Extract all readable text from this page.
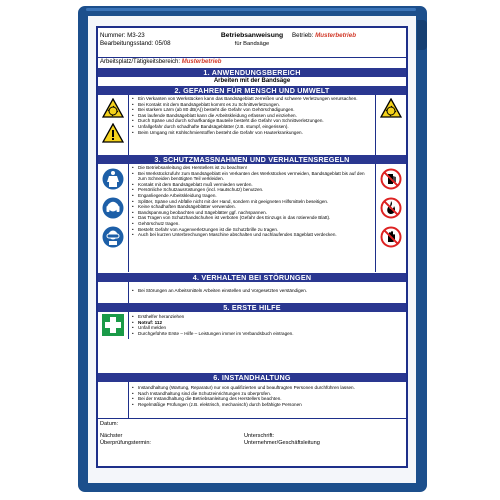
Nummer: M3-23
Bearbeitungsstand: 05/08
Betriebsanweisung
für Bandsäge
Betrieb: Musterbetrieb
Arbeitsplatz/Tätigkeitsbereich: Musterbetrieb
1. ANWENDUNGSBEREICH
Arbeiten mit der Bandsäge
2. GEFAHREN FÜR MENSCH UND UMWELT
• Ein Verkanten von Werkstücken kann das Bandsägeblatt zerreißen und schwere Verletzungen verursachen.
• Bei Kontakt mit dem Bandsägeblatt kommt es zu Schnittverletzungen.
• Bei starkem Lärm (ab 80 dB(A)) besteht die Gefahr von Gehörschädigungen.
• Das laufende Bandsägeblatt kann die Arbeitskleidung erfassen und einziehen.
• Durch Späne und durch scharfkantige Bauteile besteht die Gefahr von Schnittverletzungen.
• Unfallgefahr durch schadhafte Bandsägeblätter (z.B. stumpf, eingerissen).
• Beim Umgang mit Kühlschmierstoffen besteht die Gefahr von Hauterkrankungen.
3. SCHUTZMASSNAHMEN UND VERHALTENSREGELN
• Die Betriebsanleitung des Herstellers ist zu beachten!
• Bei Werkstückzufuhr zum Bandsägeblatt ein Verkanten des Werkstückes vermeiden, Bandsägeblatt bis auf den zum Schneiden benötigten Teil verkleiden.
• Kontakt mit dem Bandsägeblatt muß vermieden werden.
• Persönliche Schutzausrüstungen (incl. Hautschutz) benutzen.
• Enganliegende Arbeitskleidung tragen.
• Splitter, Späne und Abfälle nicht mit der Hand, sondern mit geeigneten Hilfsmitteln beseitigen.
• Keine schadhaften Bandsägeblätter verwenden.
• Bandspannung beobachten und Sägeblätter ggf. nachspannen.
• Das Tragen von Schutzhandschuhen ist verboten (Gefahr des Einzugs in das rotierende Blatt).
• Gehörschutz tragen.
• Besteht Gefahr von Augenverletzungen ist die Schutzbrille zu tragen.
• Auch bei kurzen Unterbrechungen Maschine abschalten und nachlaufendes Sägeblatt verdecken.
4. VERHALTEN BEI STÖRUNGEN
• Bei Störungen an Arbeitsmitteln Arbeiten einstellen und Vorgesetzten verständigen.
5. ERSTE HILFE
• Ersthelfer heranziehen
• Notruf: 112
• Unfall melden
• Durchgeführte Erste – Hilfe – Leistungen immer im Verbandsbuch eintragen.
6. INSTANDHALTUNG
• Instandhaltung (Wartung, Reparatur) nur von qualifizierten und beauftragten Personen durchführen lassen.
• Nach Instandhaltung sind die Schutzeinrichtungen zu überprüfen.
• Bei der Instandhaltung die Betriebsanleitung des Herstellers beachten.
• Regelmäßige Prüfungen (z.B. elektrisch, mechanisch) durch befähigte Personen
Datum:
Nächster
Überprüfungstermin:
Unterschrift:
Unternehmer/Geschäftsleitung
